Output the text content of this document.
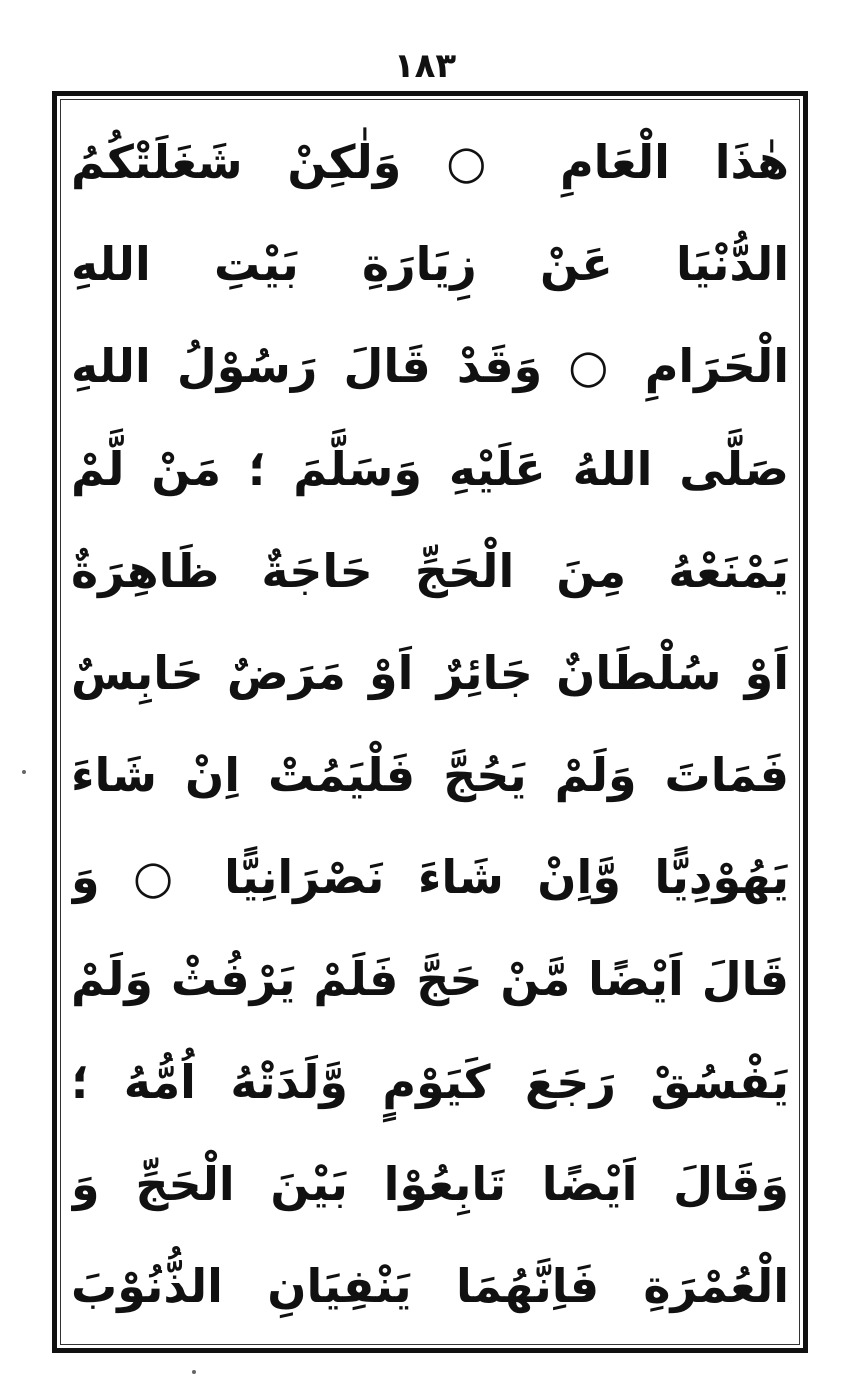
١٨٣
هٰذَا الْعَامِ ○ وَلٰكِنْ شَغَلَتْكُمُ
الدُّنْيَا عَنْ زِيَارَةِ بَيْتِ اللهِ
الْحَرَامِ ○ وَقَدْ قَالَ رَسُوْلُ اللهِ
صَلَّى اللهُ عَلَيْهِ وَسَلَّمَ ؛ مَنْ لَّمْ
يَمْنَعْهُ مِنَ الْحَجِّ حَاجَةٌ ظَاهِرَةٌ
اَوْ سُلْطَانٌ جَائِرٌ اَوْ مَرَضٌ حَابِسٌ
فَمَاتَ وَلَمْ يَحُجَّ فَلْيَمُتْ اِنْ شَاءَ
يَهُوْدِيًّا وَّاِنْ شَاءَ نَصْرَانِيًّا ○ وَ
قَالَ اَيْضًا مَّنْ حَجَّ فَلَمْ يَرْفُثْ وَلَمْ
يَفْسُقْ رَجَعَ كَيَوْمٍ وَّلَدَتْهُ اُمُّهُ ؛
وَقَالَ اَيْضًا تَابِعُوْا بَيْنَ الْحَجِّ وَ
الْعُمْرَةِ فَاِنَّهُمَا يَنْفِيَانِ الذُّنُوْبَ
